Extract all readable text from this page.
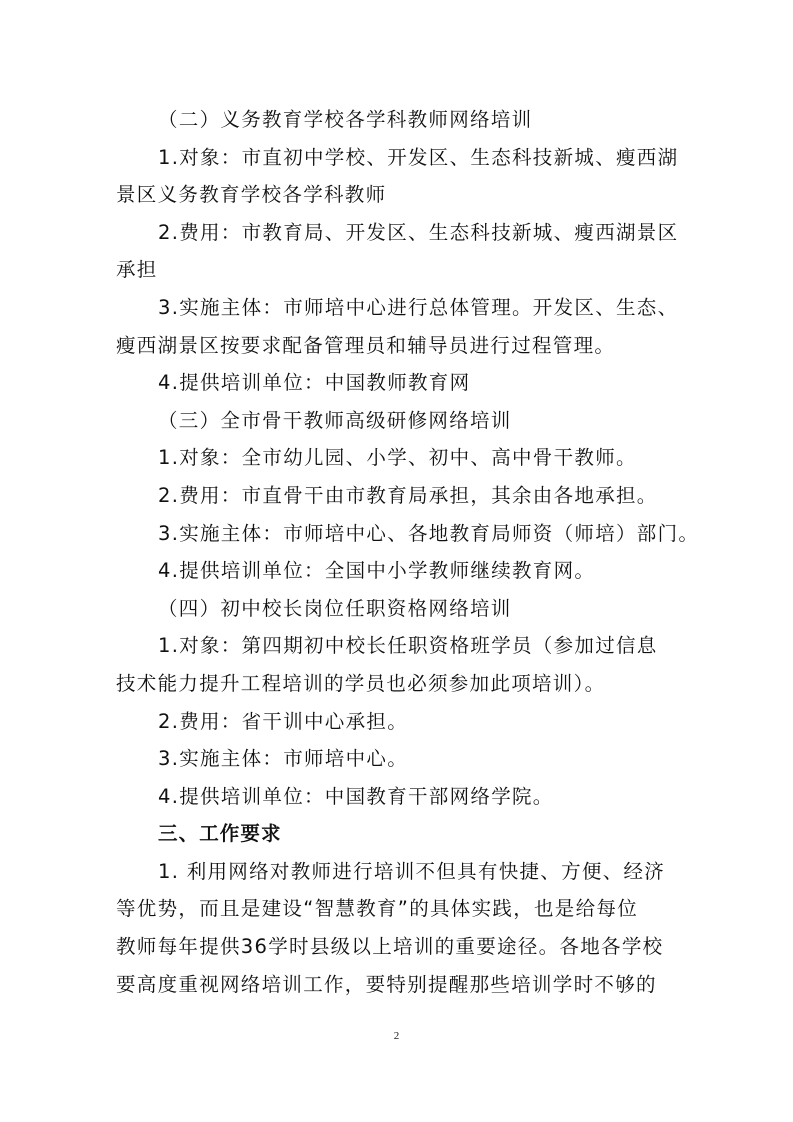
（二）义务教育学校各学科教师网络培训
1.对象：市直初中学校、开发区、生态科技新城、瘦西湖
景区义务教育学校各学科教师
2.费用：市教育局、开发区、生态科技新城、瘦西湖景区
承担
3.实施主体：市师培中心进行总体管理。开发区、生态、
瘦西湖景区按要求配备管理员和辅导员进行过程管理。
4.提供培训单位：中国教师教育网
（三）全市骨干教师高级研修网络培训
1.对象：全市幼儿园、小学、初中、高中骨干教师。
2.费用：市直骨干由市教育局承担，其余由各地承担。
3.实施主体：市师培中心、各地教育局师资（师培）部门。
4.提供培训单位：全国中小学教师继续教育网。
（四）初中校长岗位任职资格网络培训
1.对象：第四期初中校长任职资格班学员（参加过信息
技术能力提升工程培训的学员也必须参加此项培训）。
2.费用：省干训中心承担。
3.实施主体：市师培中心。
4.提供培训单位：中国教育干部网络学院。
三、工作要求
1. 利用网络对教师进行培训不但具有快捷、方便、经济
等优势，而且是建设“智慧教育”的具体实践，也是给每位
教师每年提供36学时县级以上培训的重要途径。各地各学校
要高度重视网络培训工作，要特别提醒那些培训学时不够的
2
